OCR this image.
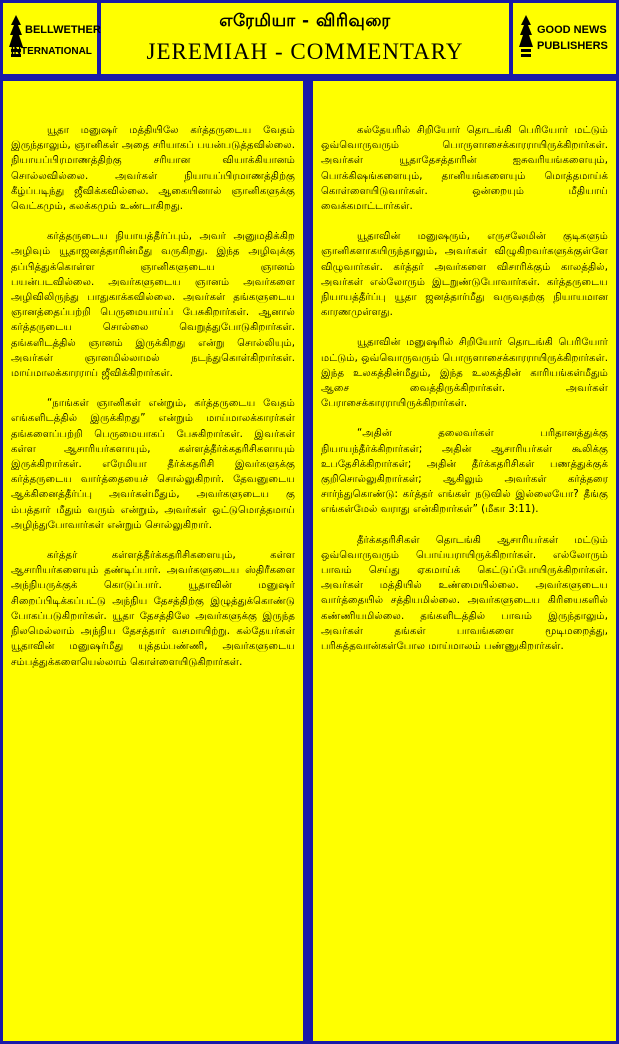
BELLWETHER
INTERNATIONAL
எரேமியா - விரிவுரை
JEREMIAH - COMMENTARY
GOOD NEWS
PUBLISHERS

யூதா மனுஷர் மத்தியிலே கர்த்தருடைய வேதம் இருந்தாலும், ஞானிகள் அதை சரியாகப் பயன்படுத்தவில்லை. நியாயப்பிரமாணத்திற்கு சரியான வியாக்கியானம் சொல்லவில்லை. அவர்கள் நியாயப்பிரமாணத்திற்கு கீழ்ப்படிந்து ஜீவிக்கவில்லை. ஆகையினால் ஞானிகளுக்கு வெட்கமும், கலக்கமும் உண்டாகிறது.

கர்த்தருடைய நியாயத்தீர்ப்பும், அவர் அனுமதிக்கிற அழிவும் யூதாஜனத்தாரின்மீது வருகிறது. இந்த அழிவுக்கு தப்பித்துக்கொள்ள ஞானிகளுடைய ஞானம் பயன்படவில்லை. அவர்களுடைய ஞானம் அவர்களை அழிவிலிருந்து பாதுகாக்கவில்லை. அவர்கள் தங்களுடைய ஞானத்தைப்பற்றி பெருமையாய்ப் பேசுகிறார்கள். ஆனால் கர்த்தருடைய சொல்லை வெறுத்துபோடுகிறார்கள். தங்களிடத்தில் ஞானம் இருக்கிறது என்று சொல்லியும், அவர்கள் ஞானமில்லாமல் நடந்துகொள்கிறார்கள். மாய்மாலக்காரராய் ஜீவிக்கிறார்கள்.

“நாங்கள் ஞானிகள் என்றும், கர்த்தருடைய வேதம் எங்களிடத்தில் இருக்கிறது” என்றும் மாய்மாலக்காரர்கள் தங்களைப்பற்றி பெருமையாகப் பேசுகிறார்கள். இவர்கள் கள்ள ஆசாரியர்களாயும், கள்ளத்தீர்க்கதரிசிகளாயும் இருக்கிறார்கள். எரேமியா தீர்க்கதரிசி இவர்களுக்கு கர்த்தருடைய வார்த்தையைச் சொல்லுகிறார். தேவனுடைய ஆக்கினைத்தீர்ப்பு அவர்கள்மீதும், அவர்களுடைய கு ம்பத்தார் மீதும் வரும் என்றும், அவர்கள் ஒட்டுமொத்தமாய் அழிந்துபோவார்கள் என்றும் சொல்லுகிறார்.

கர்த்தர் கள்ளத்தீர்க்கதரிசிகளையும், கள்ள ஆசாரியர்களையும் தண்டிப்பார். அவர்களுடைய ஸ்திரீகளை அந்நியருக்குக் கொடுப்பார். யூதாவின் மனுஷர் சிறைப்பிடிக்கப்பட்டு அந்நிய தேசத்திற்கு இழுத்துக்கொண்டு போகப்படுகிறார்கள். யூதா தேசத்திலே அவர்களுக்கு இருந்த நிலமெல்லாம் அந்நிய தேசத்தார் வசமாயிற்று. கல்தேயர்கள் யூதாவின் மனுஷர்மீது யுத்தம்பண்ணி, அவர்களுடைய சம்பத்துக்களையெல்லாம் கொள்ளையிடுகிறார்கள்.

கல்தேயரில் சிறியோர் தொடங்கி பெரியோர் மட்டும் ஒவ்வொருவரும் பொருளாசைக்காரராயிருக்கிறார்கள். அவர்கள் யூதாதேசத்தாரின் ஐசுவரியங்களையும், பொக்கிஷங்களையும், தானியங்களையும் மொத்தமாய்க் கொள்ளையிடுவார்கள். ஒன்றையும் மீதியாய் வைக்கமாட்டார்கள்.

யூதாவின் மனுஷரும், எருசலேமின் குடிகளும் ஞானிகளாகயிருந்தாலும், அவர்கள் விழுகிறவர்களுக்குள்ளே விழுவார்கள். கர்த்தர் அவர்களை விசாரிக்கும் காலத்தில், அவர்கள் எல்லோரும் இடறுண்டுபோவார்கள். கர்த்தருடைய நியாயத்தீர்ப்பு யூதா ஜனத்தார்மீது வருவதற்கு நியாயமான காரணமுள்ளது.

யூதாவின் மனுஷரில் சிறியோர் தொடங்கி பெரியோர் மட்டும், ஒவ்வொருவரும் பொருளாசைக்காரராயிருக்கிறார்கள். இந்த உலகத்தின்மீதும், இந்த உலகத்தின் காரியங்கள்மீதும் ஆசை வைத்திருக்கிறார்கள். அவர்கள் பேராசைக்காரராயிருக்கிறார்கள்.

“அதின் தலைவர்கள் பரிதானத்துக்கு நியாயந்தீர்க்கிறார்கள்; அதின் ஆசாரியர்கள் கூலிக்கு உபதேசிக்கிறார்கள்; அதின் தீர்க்கதரிசிகள் பணத்துக்குக் குறிசொல்லுகிறார்கள்; ஆகிலும் அவர்கள் கர்த்தரை சார்ந்துகொண்டு: கர்த்தர் எங்கள் நடுவில் இல்லையோ? தீங்கு எங்கள்மேல் வராது என்கிறார்கள்” (மீகா 3:11).

தீர்க்கதரிசிகள் தொடங்கி ஆசாரியர்கள் மட்டும் ஒவ்வொருவரும் பொய்யராயிருக்கிறார்கள். எல்லோரும் பாவம் செய்து ஏகமாய்க் கெட்டுப்போயிருக்கிறார்கள். அவர்கள் மத்தியில் உண்மையில்லை. அவர்களுடைய வார்த்தையில் சத்தியமில்லை. அவர்களுடைய கிரியைகளில் கண்ணியமில்லை. தங்களிடத்தில் பாவம் இருந்தாலும், அவர்கள் தங்கள் பாவங்களை மூடிமறைத்து, பரிசுத்தவான்கள்போல மாய்மாலம் பண்ணுகிறார்கள்.
